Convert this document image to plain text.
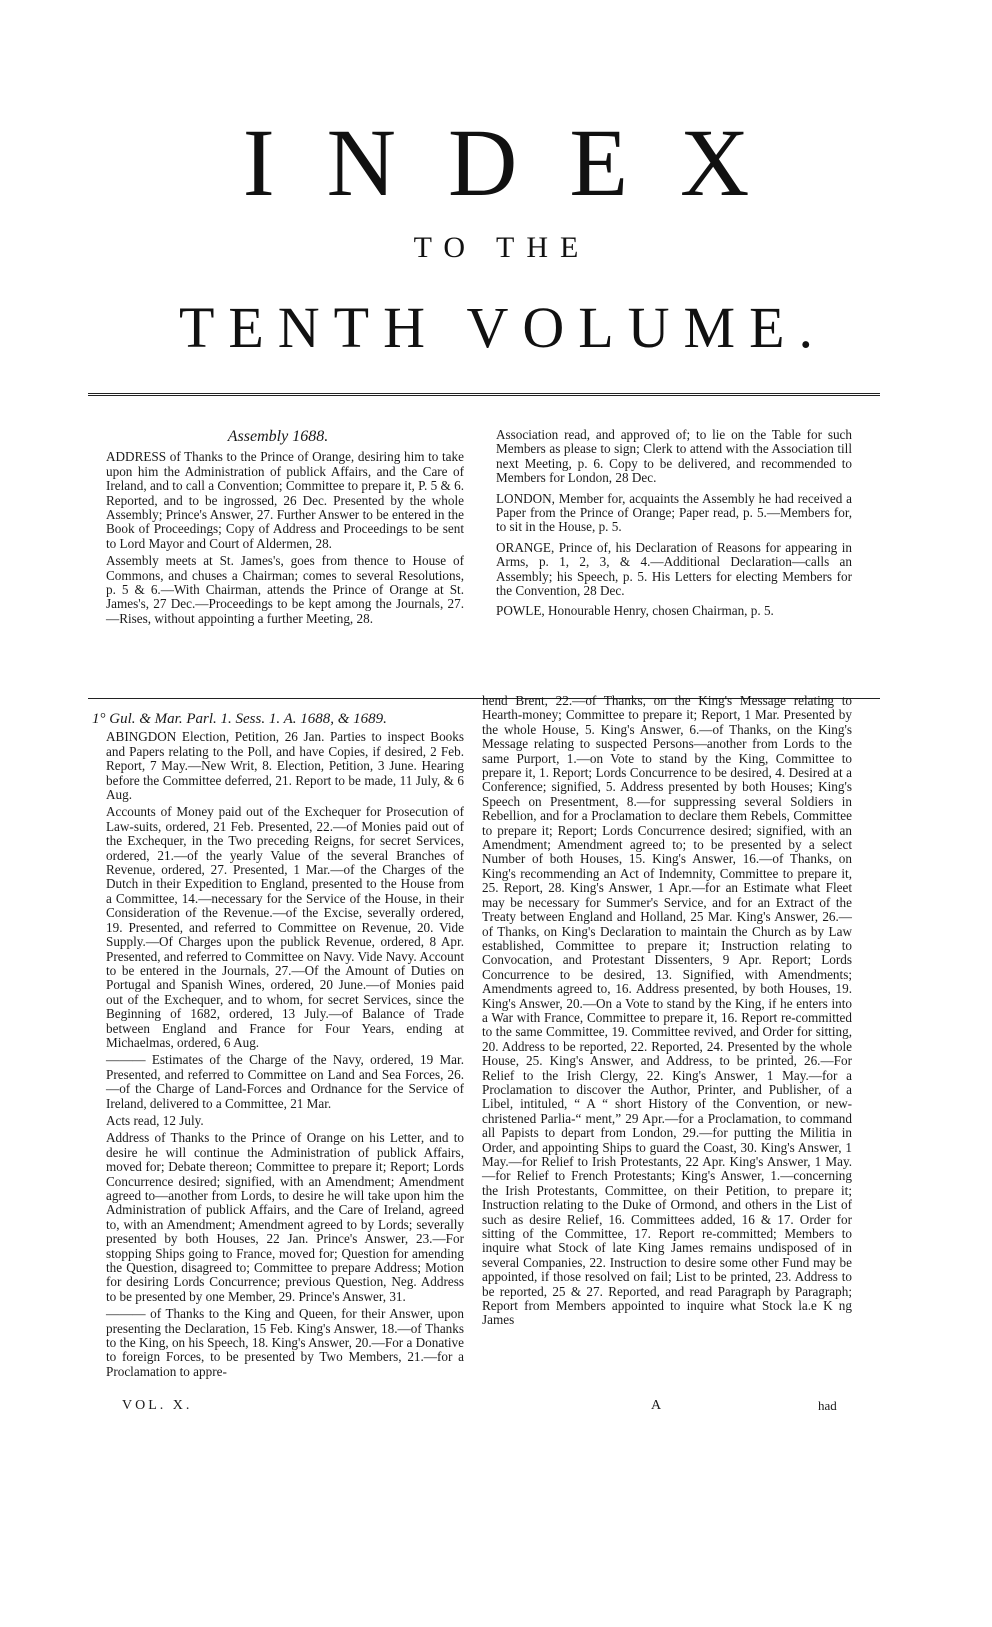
INDEX
TO THE
TENTH VOLUME.
Assembly 1688.

ADDRESS of Thanks to the Prince of Orange, desiring him to take upon him the Administration of publick Affairs, and the Care of Ireland, and to call a Convention; Committee to prepare it, P. 5 & 6. Reported, and to be ingrossed, 26 Dec. Presented by the whole Assembly; Prince's Answer, 27. Further Answer to be entered in the Book of Proceedings; Copy of Address and Proceedings to be sent to Lord Mayor and Court of Aldermen, 28.

Assembly meets at St. James's, goes from thence to House of Commons, and chuses a Chairman; comes to several Resolutions, p. 5 & 6.—With Chairman, attends the Prince of Orange at St. James's, 27 Dec.—Proceedings to be kept among the Journals, 27.—Rises, without appointing a further Meeting, 28.

Association read, and approved of; to lie on the Table for such Members as please to sign; Clerk to attend with the Association till next Meeting, p. 6. Copy to be delivered, and recommended to Members for London, 28 Dec.

LONDON, Member for, acquaints the Assembly he had received a Paper from the Prince of Orange; Paper read, p. 5.—Members for, to sit in the House, p. 5.

ORANGE, Prince of, his Declaration of Reasons for appearing in Arms, p. 1, 2, 3, & 4.—Additional Declaration—calls an Assembly; his Speech, p. 5. His Letters for electing Members for the Convention, 28 Dec.

POWLE, Honourable Henry, chosen Chairman, p. 5.

1° Gul. & Mar. Parl. 1. Sess. 1. A. 1688, & 1689.

ABINGDON Election, Petition, 26 Jan. Parties to inspect Books and Papers relating to the Poll, and have Copies, if desired, 2 Feb. Report, 7 May.—New Writ, 8. Election, Petition, 3 June. Hearing before the Committee deferred, 21. Report to be made, 11 July, & 6 Aug.

Accounts of Money paid out of the Exchequer for Prosecution of Law-suits, ordered, 21 Feb. Presented, 22.—of Monies paid out of the Exchequer, in the Two preceding Reigns, for secret Services, ordered, 21.—of the yearly Value of the several Branches of Revenue, ordered, 27. Presented, 1 Mar.—of the Charges of the Dutch in their Expedition to England, presented to the House from a Committee, 14.—necessary for the Service of the House, in their Consideration of the Revenue.—of the Excise, severally ordered, 19. Presented, and referred to Committee on Revenue, 20. Vide Supply.—Of Charges upon the publick Revenue, ordered, 8 Apr. Presented, and referred to Committee on Navy. Vide Navy. Account to be entered in the Journals, 27.—Of the Amount of Duties on Portugal and Spanish Wines, ordered, 20 June.—of Monies paid out of the Exchequer, and to whom, for secret Services, since the Beginning of 1682, ordered, 13 July.—of Balance of Trade between England and France for Four Years, ending at Michaelmas, ordered, 6 Aug.

——— Estimates of the Charge of the Navy, ordered, 19 Mar. Presented, and referred to Committee on Land and Sea Forces, 26.—of the Charge of Land-Forces and Ordnance for the Service of Ireland, delivered to a Committee, 21 Mar.

Acts read, 12 July.

Address of Thanks to the Prince of Orange on his Letter, and to desire he will continue the Administration of publick Affairs, moved for; Debate thereon; Committee to prepare it; Report; Lords Concurrence desired; signified, with an Amendment; Amendment agreed to—another from Lords, to desire he will take upon him the Administration of publick Affairs, and the Care of Ireland, agreed to, with an Amendment; Amendment agreed to by Lords; severally presented by both Houses, 22 Jan. Prince's Answer, 23.—For stopping Ships going to France, moved for; Question for amending the Question, disagreed to; Committee to prepare Address; Motion for desiring Lords Concurrence; previous Question, Neg. Address to be presented by one Member, 29. Prince's Answer, 31.

——— of Thanks to the King and Queen, for their Answer, upon presenting the Declaration, 15 Feb. King's Answer, 18.—of Thanks to the King, on his Speech, 18. King's Answer, 20.—For a Donative to foreign Forces, to be presented by Two Members, 21.—for a Proclamation to appre-

hend Brent, 22.—of Thanks, on the King's Message relating to Hearth-money; Committee to prepare it; Report, 1 Mar. Presented by the whole House, 5. King's Answer, 6.—of Thanks, on the King's Message relating to suspected Persons—another from Lords to the same Purport, 1.—on Vote to stand by the King, Committee to prepare it, 1. Report; Lords Concurrence to be desired, 4. Desired at a Conference; signified, 5. Address presented by both Houses; King's Speech on Presentment, 8.—for suppressing several Soldiers in Rebellion, and for a Proclamation to declare them Rebels, Committee to prepare it; Report; Lords Concurrence desired; signified, with an Amendment; Amendment agreed to; to be presented by a select Number of both Houses, 15. King's Answer, 16.—of Thanks, on King's recommending an Act of Indemnity, Committee to prepare it, 25. Report, 28. King's Answer, 1 Apr.—for an Estimate what Fleet may be necessary for Summer's Service, and for an Extract of the Treaty between England and Holland, 25 Mar. King's Answer, 26.—of Thanks, on King's Declaration to maintain the Church as by Law established, Committee to prepare it; Instruction relating to Convocation, and Protestant Dissenters, 9 Apr. Report; Lords Concurrence to be desired, 13. Signified, with Amendments; Amendments agreed to, 16. Address presented, by both Houses, 19. King's Answer, 20.—On a Vote to stand by the King, if he enters into a War with France, Committee to prepare it, 16. Report re-committed to the same Committee, 19. Committee revived, and Order for sitting, 20. Address to be reported, 22. Reported, 24. Presented by the whole House, 25. King's Answer, and Address, to be printed, 26.—For Relief to the Irish Clergy, 22. King's Answer, 1 May.—for a Proclamation to discover the Author, Printer, and Publisher, of a Libel, intituled, “ A “ short History of the Convention, or new-christened Parlia-“ ment,” 29 Apr.—for a Proclamation, to command all Papists to depart from London, 29.—for putting the Militia in Order, and appointing Ships to guard the Coast, 30. King's Answer, 1 May.—for Relief to Irish Protestants, 22 Apr. King's Answer, 1 May.—for Relief to French Protestants; King's Answer, 1.—concerning the Irish Protestants, Committee, on their Petition, to prepare it; Instruction relating to the Duke of Ormond, and others in the List of such as desire Relief, 16. Committees added, 16 & 17. Order for sitting of the Committee, 17. Report re-committed; Members to inquire what Stock of late King James remains undisposed of in several Companies, 22. Instruction to desire some other Fund may be appointed, if those resolved on fail; List to be printed, 23. Address to be reported, 25 & 27. Reported, and read Paragraph by Paragraph; Report from Members appointed to inquire what Stock la.e K ng James

VOL. X.	A	had
